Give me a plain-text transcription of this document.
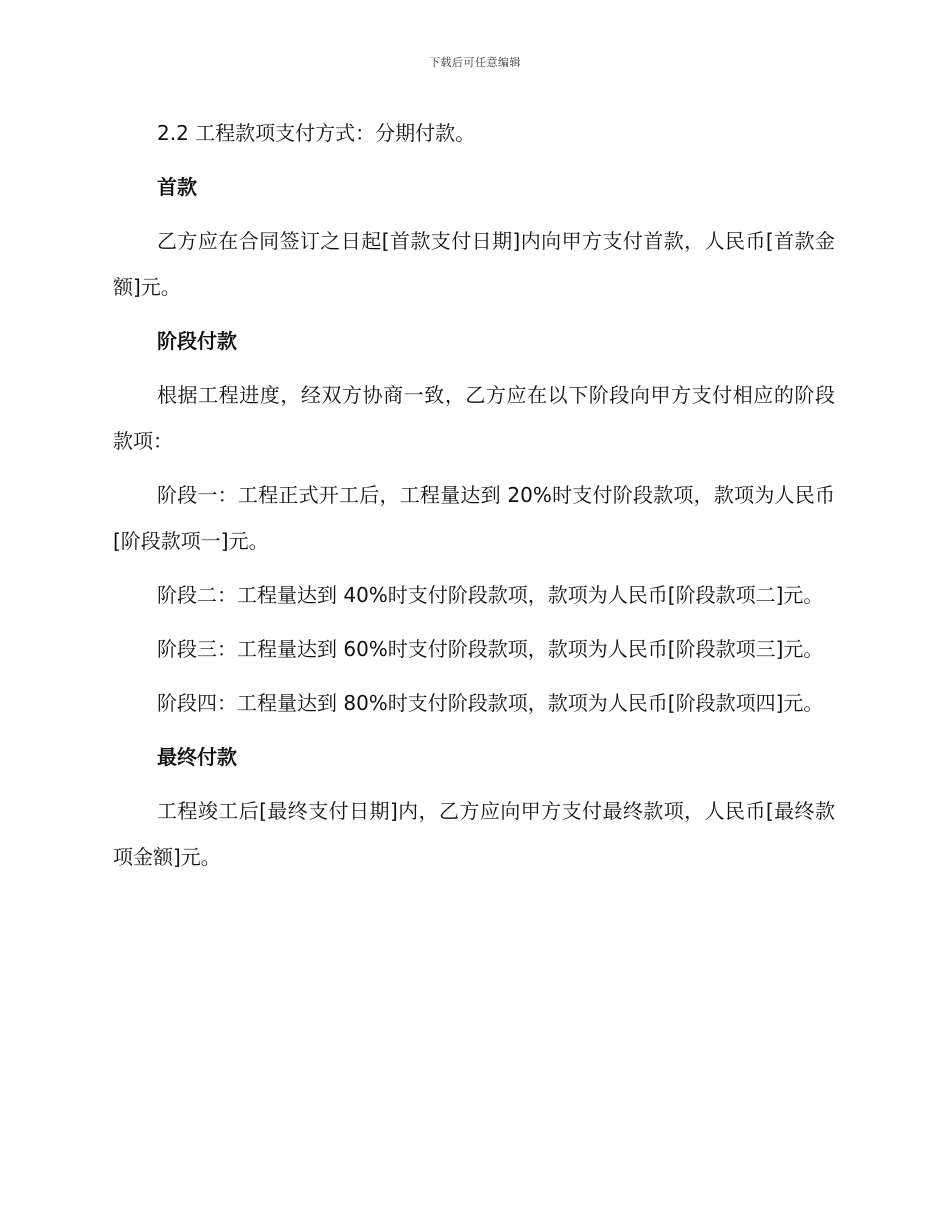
下载后可任意编辑

2.2 工程款项支付方式：分期付款。

首款

乙方应在合同签订之日起[首款支付日期]内向甲方支付首款，人民币[首款金额]元。

阶段付款

根据工程进度，经双方协商一致，乙方应在以下阶段向甲方支付相应的阶段款项：

阶段一：工程正式开工后，工程量达到 20%时支付阶段款项，款项为人民币[阶段款项一]元。

阶段二：工程量达到 40%时支付阶段款项，款项为人民币[阶段款项二]元。

阶段三：工程量达到 60%时支付阶段款项，款项为人民币[阶段款项三]元。

阶段四：工程量达到 80%时支付阶段款项，款项为人民币[阶段款项四]元。

最终付款

工程竣工后[最终支付日期]内，乙方应向甲方支付最终款项，人民币[最终款项金额]元。
